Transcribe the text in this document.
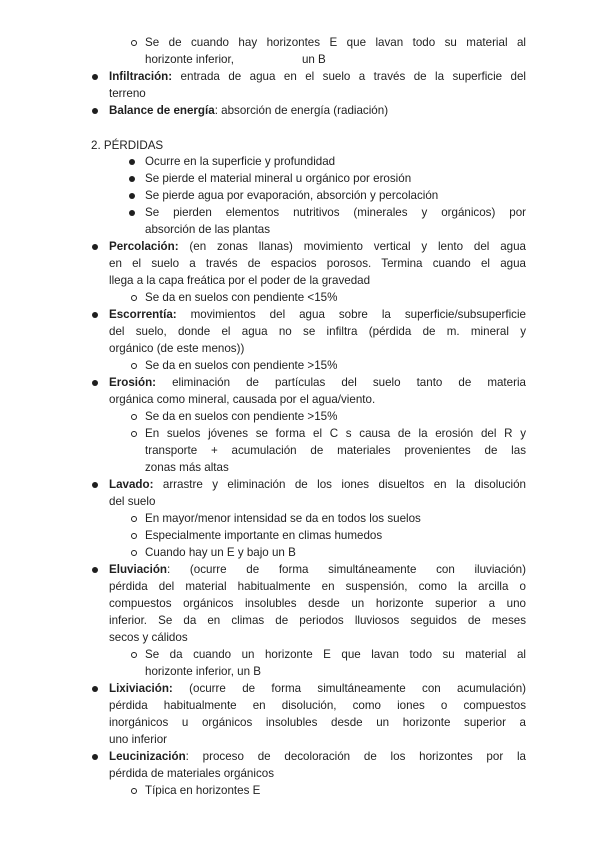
Se de cuando hay horizontes E que lavan todo su material al
horizonte inferior,	un B
Infiltración: entrada de agua en el suelo a través de la superficie del
terreno
Balance de energía: absorción de energía (radiación)
2. PÉRDIDAS
Ocurre en la superficie y profundidad
Se pierde el material mineral u orgánico por erosión
Se pierde agua por evaporación, absorción y percolación
Se pierden elementos nutritivos (minerales y orgánicos) por
absorción de las plantas
Percolación: (en zonas llanas) movimiento vertical y lento del agua
en el suelo a través de espacios porosos. Termina cuando el agua
llega a la capa freática por el poder de la gravedad
Se da en suelos con pendiente <15%
Escorrentía: movimientos del agua sobre la superficie/subsuperficie
del suelo, donde el agua no se infiltra (pérdida de m. mineral y
orgánico (de este menos))
Se da en suelos con pendiente >15%
Erosión: eliminación de partículas del suelo tanto de materia
orgánica como mineral, causada por el agua/viento.
Se da en suelos con pendiente >15%
En suelos jóvenes se forma el C s causa de la erosión del R y
transporte + acumulación de materiales provenientes de las
zonas más altas
Lavado: arrastre y eliminación de los iones disueltos en la disolución
del suelo
En mayor/menor intensidad se da en todos los suelos
Especialmente importante en climas humedos
Cuando hay un E y bajo un B
Eluviación: (ocurre de forma simultáneamente con iluviación)
pérdida del material habitualmente en suspensión, como la arcilla o
compuestos orgánicos insolubles desde un horizonte superior a uno
inferior. Se da en climas de periodos lluviosos seguidos de meses
secos y cálidos
Se da cuando un horizonte E que lavan todo su material al
horizonte inferior, un B
Lixiviación: (ocurre de forma simultáneamente con acumulación)
pérdida habitualmente en disolución, como iones o compuestos
inorgánicos u orgánicos insolubles desde un horizonte superior a
uno inferior
Leucinización: proceso de decoloración de los horizontes por la
pérdida de materiales orgánicos
Típica en horizontes E
